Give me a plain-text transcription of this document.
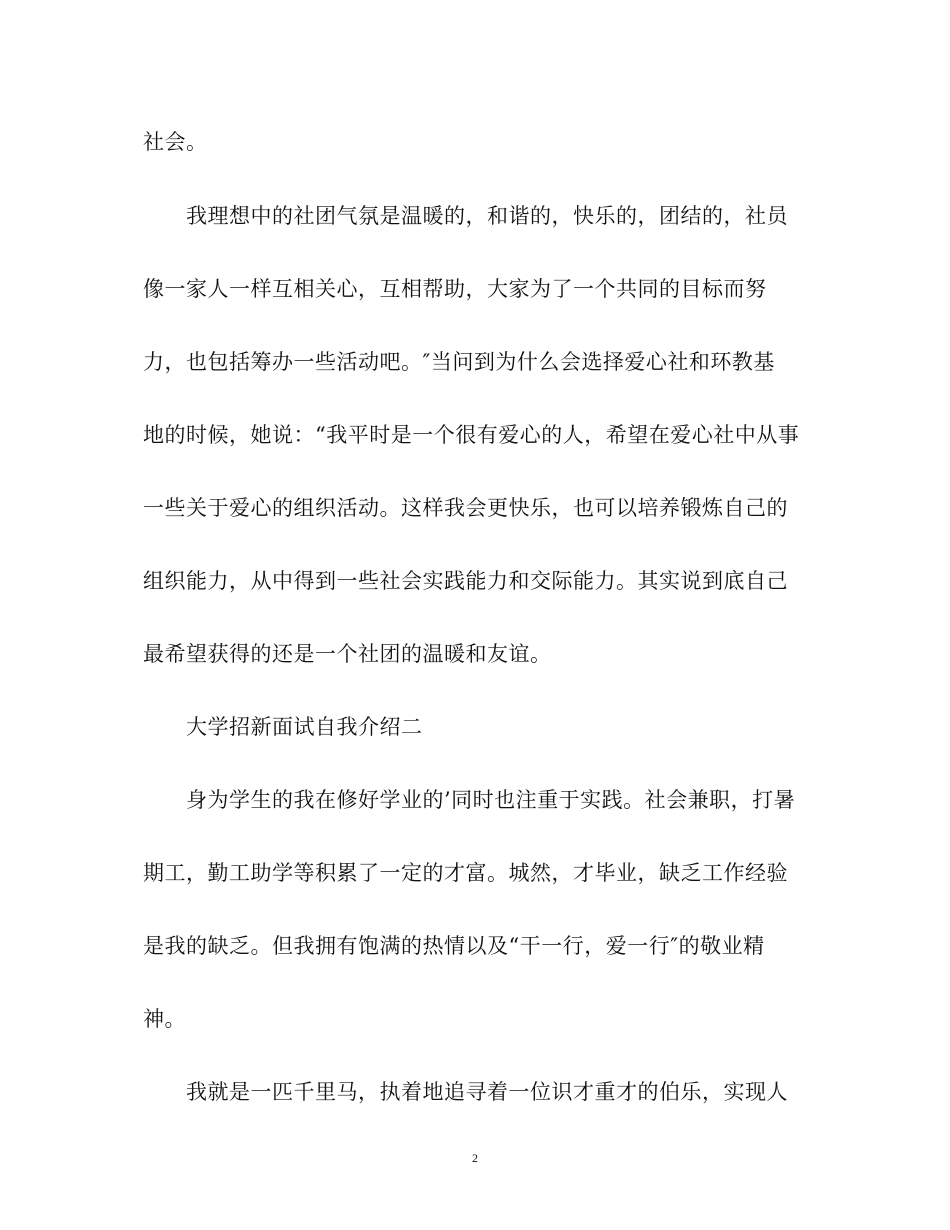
社会。
我理想中的社团气氛是温暖的，和谐的，快乐的，团结的，社员
像一家人一样互相关心，互相帮助，大家为了一个共同的目标而努
力，也包括筹办一些活动吧。″当问到为什么会选择爱心社和环教基
地的时候，她说：“我平时是一个很有爱心的人，希望在爱心社中从事
一些关于爱心的组织活动。这样我会更快乐，也可以培养锻炼自己的
组织能力，从中得到一些社会实践能力和交际能力。其实说到底自己
最希望获得的还是一个社团的温暖和友谊。
大学招新面试自我介绍二
身为学生的我在修好学业的’同时也注重于实践。社会兼职，打暑
期工，勤工助学等积累了一定的才富。城然，才毕业，缺乏工作经验
是我的缺乏。但我拥有饱满的热情以及“干一行，爱一行″的敬业精
神。
我就是一匹千里马，执着地追寻着一位识才重才的伯乐，实现人
2
